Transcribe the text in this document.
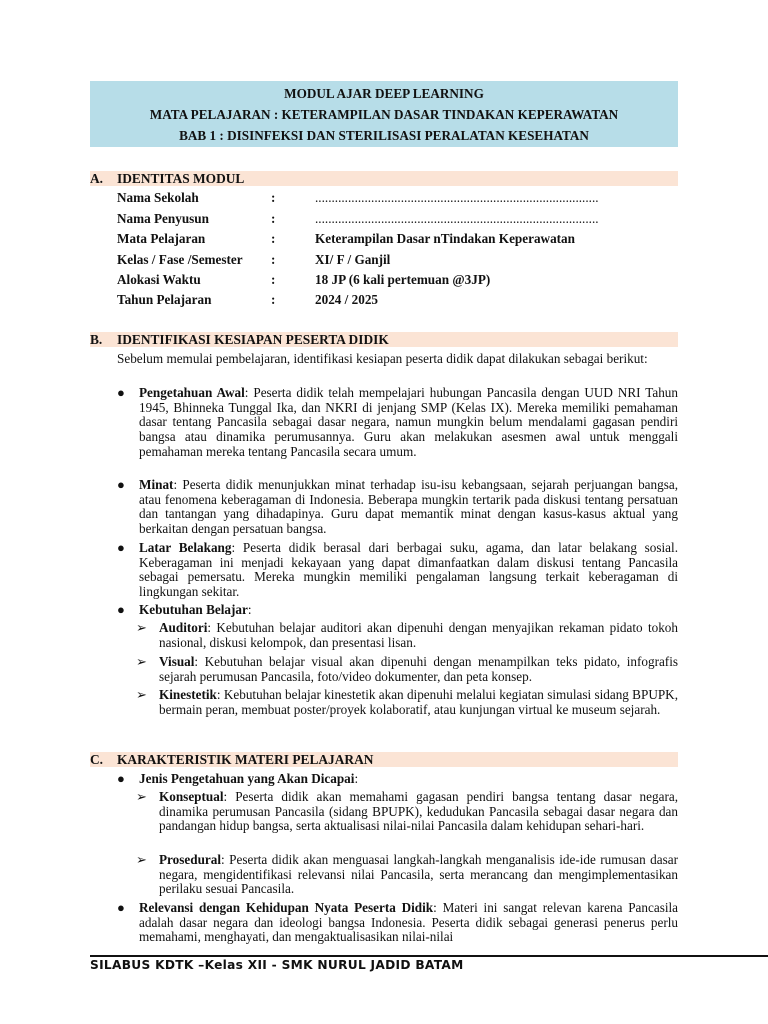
MODUL AJAR DEEP LEARNING
MATA PELAJARAN : KETERAMPILAN DASAR TINDAKAN KEPERAWATAN
BAB 1 : DISINFEKSI DAN STERILISASI PERALATAN KESEHATAN
A. IDENTITAS MODUL
Nama Sekolah	:	......................................................................................
Nama Penyusun	:	......................................................................................
Mata Pelajaran	:	Keterampilan Dasar nTindakan Keperawatan
Kelas / Fase /Semester :	XI/ F / Ganjil
Alokasi Waktu	:	18 JP (6 kali pertemuan @3JP)
Tahun Pelajaran	:	2024 / 2025
B. IDENTIFIKASI KESIAPAN PESERTA DIDIK
Sebelum memulai pembelajaran, identifikasi kesiapan peserta didik dapat dilakukan sebagai berikut:
● Pengetahuan Awal: Peserta didik telah mempelajari hubungan Pancasila dengan UUD NRI Tahun 1945, Bhinneka Tunggal Ika, dan NKRI di jenjang SMP (Kelas IX). Mereka memiliki pemahaman dasar tentang Pancasila sebagai dasar negara, namun mungkin belum mendalami gagasan pendiri bangsa atau dinamika perumusannya. Guru akan melakukan asesmen awal untuk menggali pemahaman mereka tentang Pancasila secara umum.
● Minat: Peserta didik menunjukkan minat terhadap isu-isu kebangsaan, sejarah perjuangan bangsa, atau fenomena keberagaman di Indonesia. Beberapa mungkin tertarik pada diskusi tentang persatuan dan tantangan yang dihadapinya. Guru dapat memantik minat dengan kasus-kasus aktual yang berkaitan dengan persatuan bangsa.
● Latar Belakang: Peserta didik berasal dari berbagai suku, agama, dan latar belakang sosial. Keberagaman ini menjadi kekayaan yang dapat dimanfaatkan dalam diskusi tentang Pancasila sebagai pemersatu. Mereka mungkin memiliki pengalaman langsung terkait keberagaman di lingkungan sekitar.
● Kebutuhan Belajar:
➢ Auditori: Kebutuhan belajar auditori akan dipenuhi dengan menyajikan rekaman pidato tokoh nasional, diskusi kelompok, dan presentasi lisan.
➢ Visual: Kebutuhan belajar visual akan dipenuhi dengan menampilkan teks pidato, infografis sejarah perumusan Pancasila, foto/video dokumenter, dan peta konsep.
➢ Kinestetik: Kebutuhan belajar kinestetik akan dipenuhi melalui kegiatan simulasi sidang BPUPK, bermain peran, membuat poster/proyek kolaboratif, atau kunjungan virtual ke museum sejarah.
C. KARAKTERISTIK MATERI PELAJARAN
● Jenis Pengetahuan yang Akan Dicapai:
➢ Konseptual: Peserta didik akan memahami gagasan pendiri bangsa tentang dasar negara, dinamika perumusan Pancasila (sidang BPUPK), kedudukan Pancasila sebagai dasar negara dan pandangan hidup bangsa, serta aktualisasi nilai-nilai Pancasila dalam kehidupan sehari-hari.
➢ Prosedural: Peserta didik akan menguasai langkah-langkah menganalisis ide-ide rumusan dasar negara, mengidentifikasi relevansi nilai Pancasila, serta merancang dan mengimplementasikan perilaku sesuai Pancasila.
● Relevansi dengan Kehidupan Nyata Peserta Didik: Materi ini sangat relevan karena Pancasila adalah dasar negara dan ideologi bangsa Indonesia. Peserta didik sebagai generasi penerus perlu memahami, menghayati, dan mengaktualisasikan nilai-nilai
SILABUS KDTK –Kelas XII - SMK NURUL JADID BATAM
